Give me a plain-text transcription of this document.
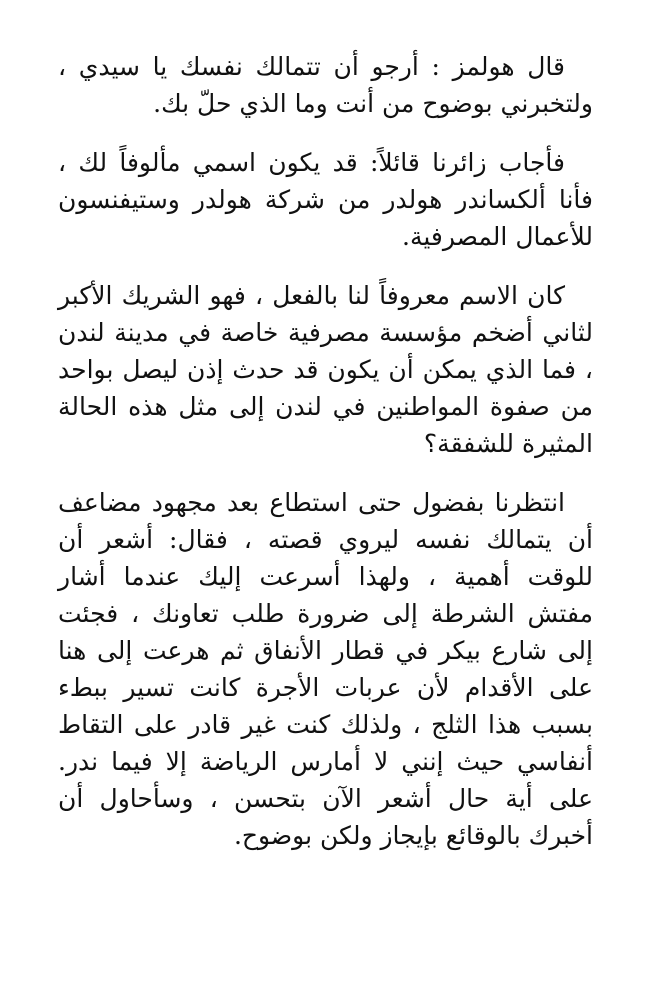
قال هولمز : أرجو أن تتمالك نفسك يا سيدي ، ولتخبرني بوضوح من أنت وما الذي حلّ بك.

فأجاب زائرنا قائلاً: قد يكون اسمي مألوفاً لك ، فأنا ألكساندر هولدر من شركة هولدر وستيفنسون للأعمال المصرفية.

كان الاسم معروفاً لنا بالفعل ، فهو الشريك الأكبر لثاني أضخم مؤسسة مصرفية خاصة في مدينة لندن ، فما الذي يمكن أن يكون قد حدث إذن ليصل بواحد من صفوة المواطنين في لندن إلى مثل هذه الحالة المثيرة للشفقة؟

انتظرنا بفضول حتى استطاع بعد مجهود مضاعف أن يتمالك نفسه ليروي قصته ، فقال: أشعر أن للوقت أهمية ، ولهذا أسرعت إليك عندما أشار مفتش الشرطة إلى ضرورة طلب تعاونك ، فجئت إلى شارع بيكر في قطار الأنفاق ثم هرعت إلى هنا على الأقدام لأن عربات الأجرة كانت تسير ببطء بسبب هذا الثلج ، ولذلك كنت غير قادر على التقاط أنفاسي حيث إنني لا أمارس الرياضة إلا فيما ندر. على أية حال أشعر الآن بتحسن ، وسأحاول أن أخبرك بالوقائع بإيجاز ولكن بوضوح.
